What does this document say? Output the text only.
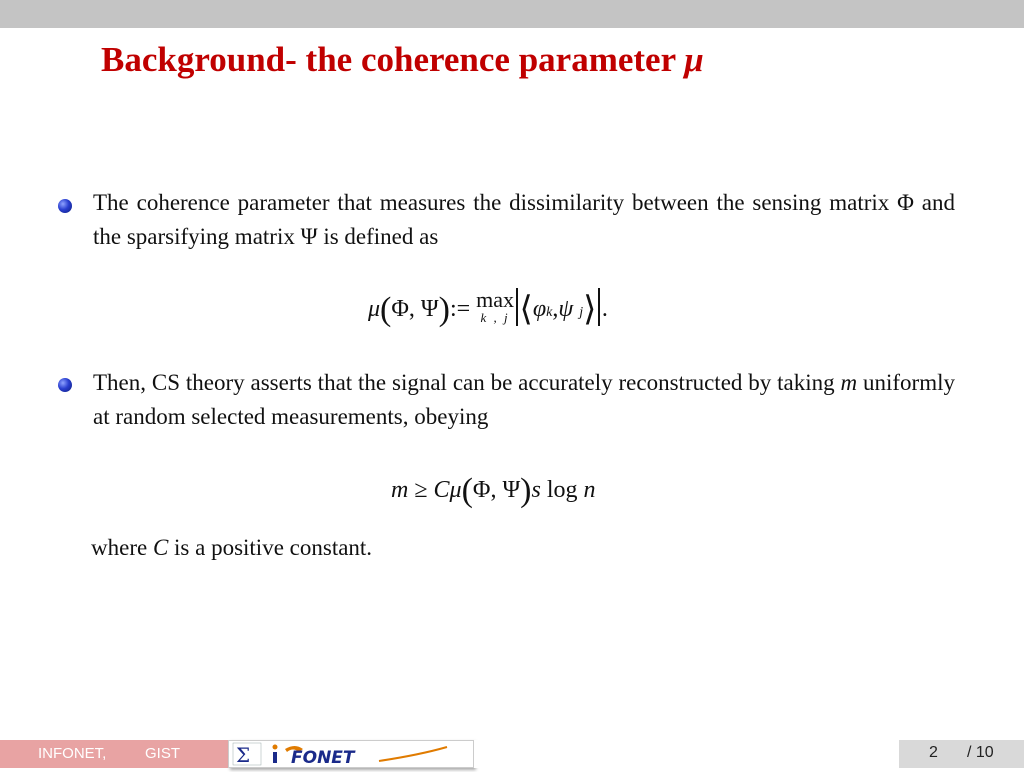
Background- the coherence parameter μ
The coherence parameter that measures the dissimilarity between the sensing matrix Φ and the sparsifying matrix Ψ is defined as
μ(Φ, Ψ):= max
k , j ⟨φk,ψ j⟩ .
Then, CS theory asserts that the signal can be accurately reconstructed by taking m uniformly at random selected measurements, obeying
m ≥ Cμ(Φ, Ψ)s log n
where C is a positive constant.
INFONET,	GIST	Σ FONET	2 / 10
